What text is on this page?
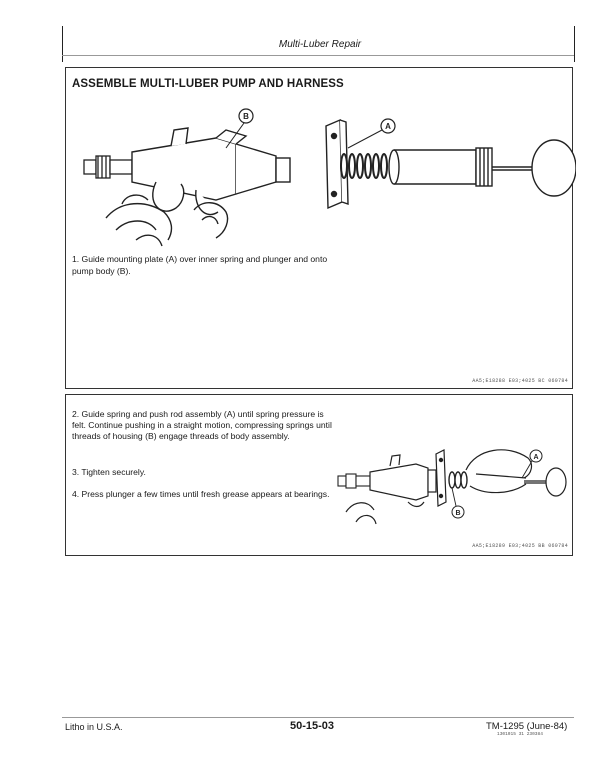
Multi-Luber Repair
ASSEMBLE MULTI-LUBER PUMP AND HARNESS
B
A
1. Guide mounting plate (A) over inner spring and plunger and onto pump body (B).
AA5;E18288 E03;4025 BC 060784
2. Guide spring and push rod assembly (A) until spring pressure is felt. Continue pushing in a straight motion, compressing springs until threads of housing (B) engage threads of body assembly.
3. Tighten securely.
4. Press plunger a few times until fresh grease appears at bearings.
A
B
AA5;E18289 E03;4025 BB 060784
Litho in U.S.A.	50-15-03	TM-1295 (June-84)
1301015 31 230384
